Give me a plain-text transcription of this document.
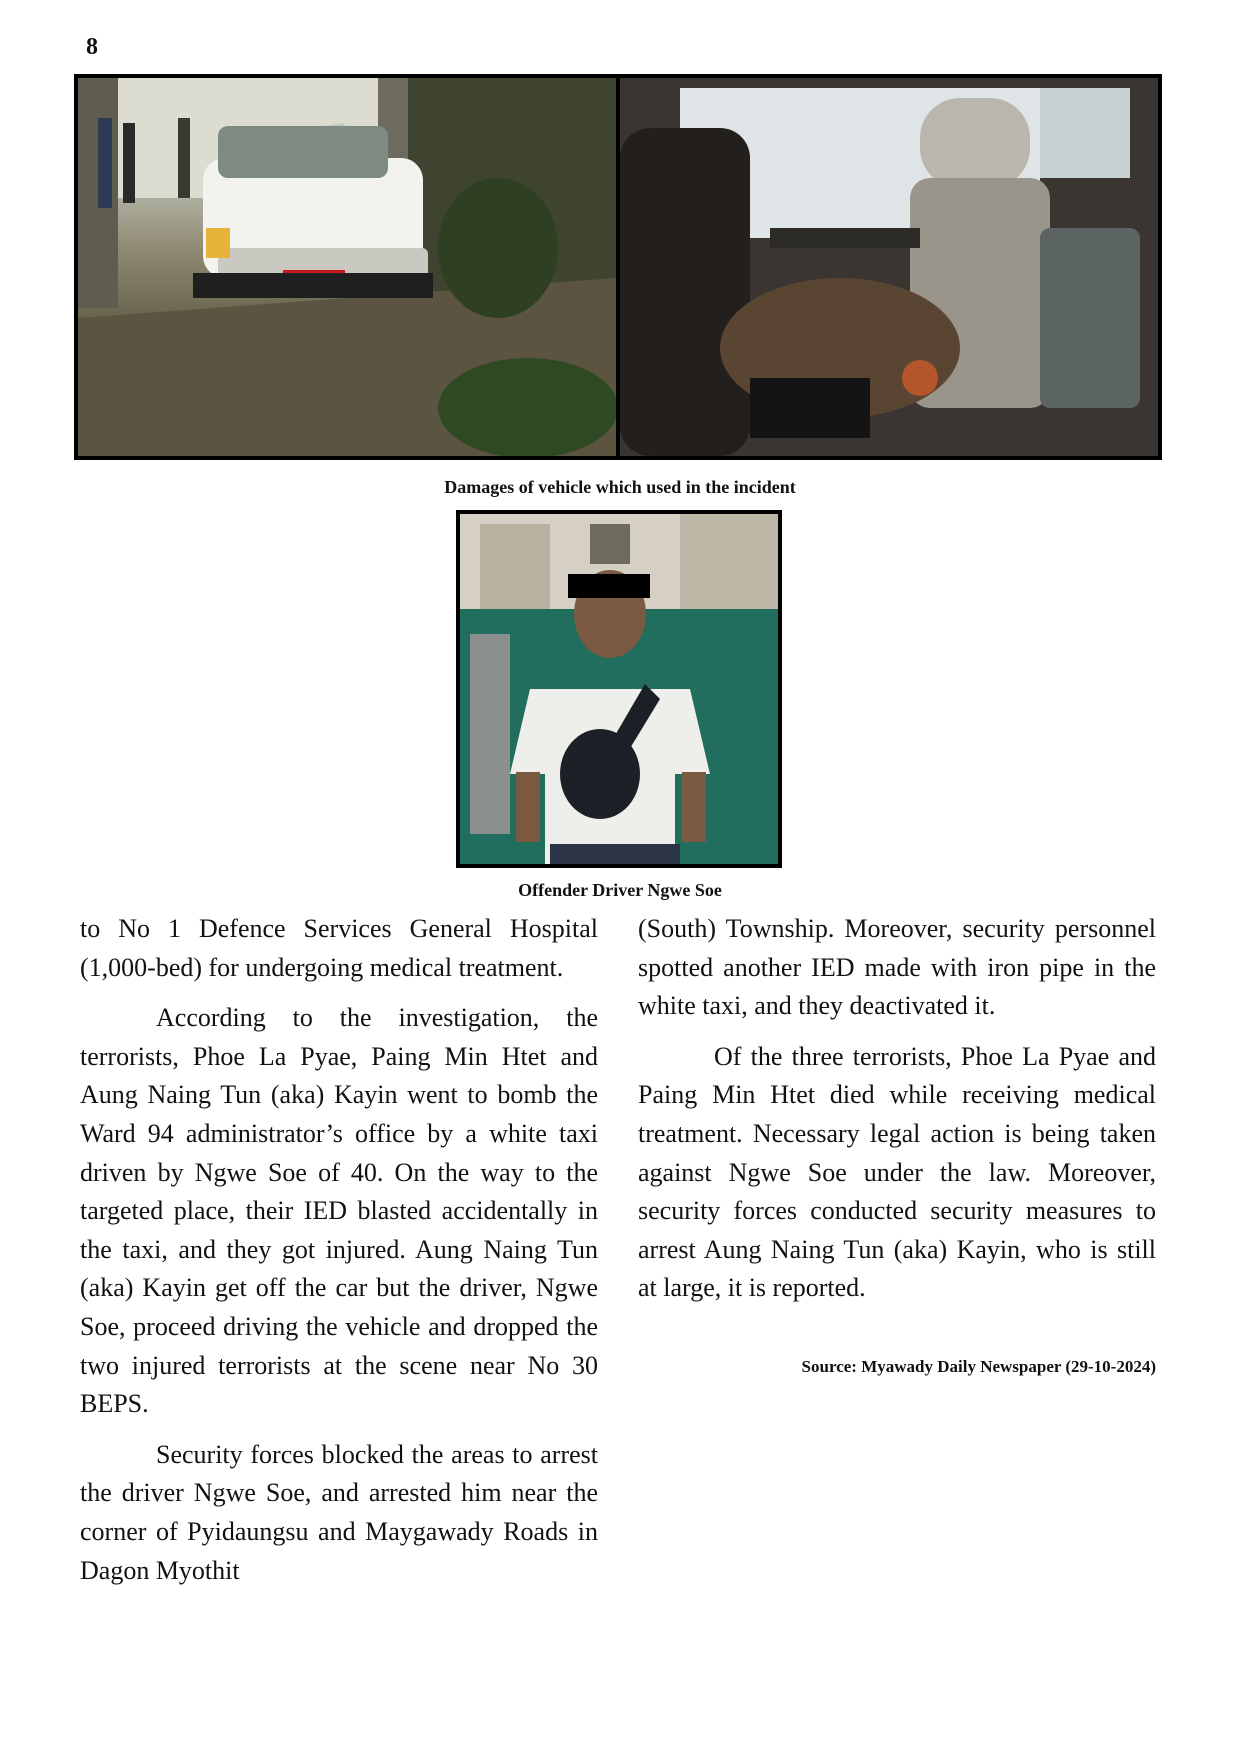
8
Damages of vehicle which used in the incident
Offender Driver Ngwe Soe

to No 1 Defence Services General Hospital (1,000-bed) for undergoing medical treatment.

According to the investigation, the terrorists, Phoe La Pyae, Paing Min Htet and Aung Naing Tun (aka) Kayin went to bomb the Ward 94 administrator’s office by a white taxi driven by Ngwe Soe of 40. On the way to the targeted place, their IED blasted accidentally in the taxi, and they got injured. Aung Naing Tun (aka) Kayin get off the car but the driver, Ngwe Soe, proceed driving the vehicle and dropped the two injured terrorists at the scene near No 30 BEPS.

Security forces blocked the areas to arrest the driver Ngwe Soe, and arrested him near the corner of Pyidaungsu and Maygawady Roads in Dagon Myothit

(South) Township. Moreover, security personnel spotted another IED made with iron pipe in the white taxi, and they deactivated it.

Of the three terrorists, Phoe La Pyae and Paing Min Htet died while receiving medical treatment. Necessary legal action is being taken against Ngwe Soe under the law. Moreover, security forces conducted security measures to arrest Aung Naing Tun (aka) Kayin, who is still at large, it is reported.

Source: Myawady Daily Newspaper (29-10-2024)
